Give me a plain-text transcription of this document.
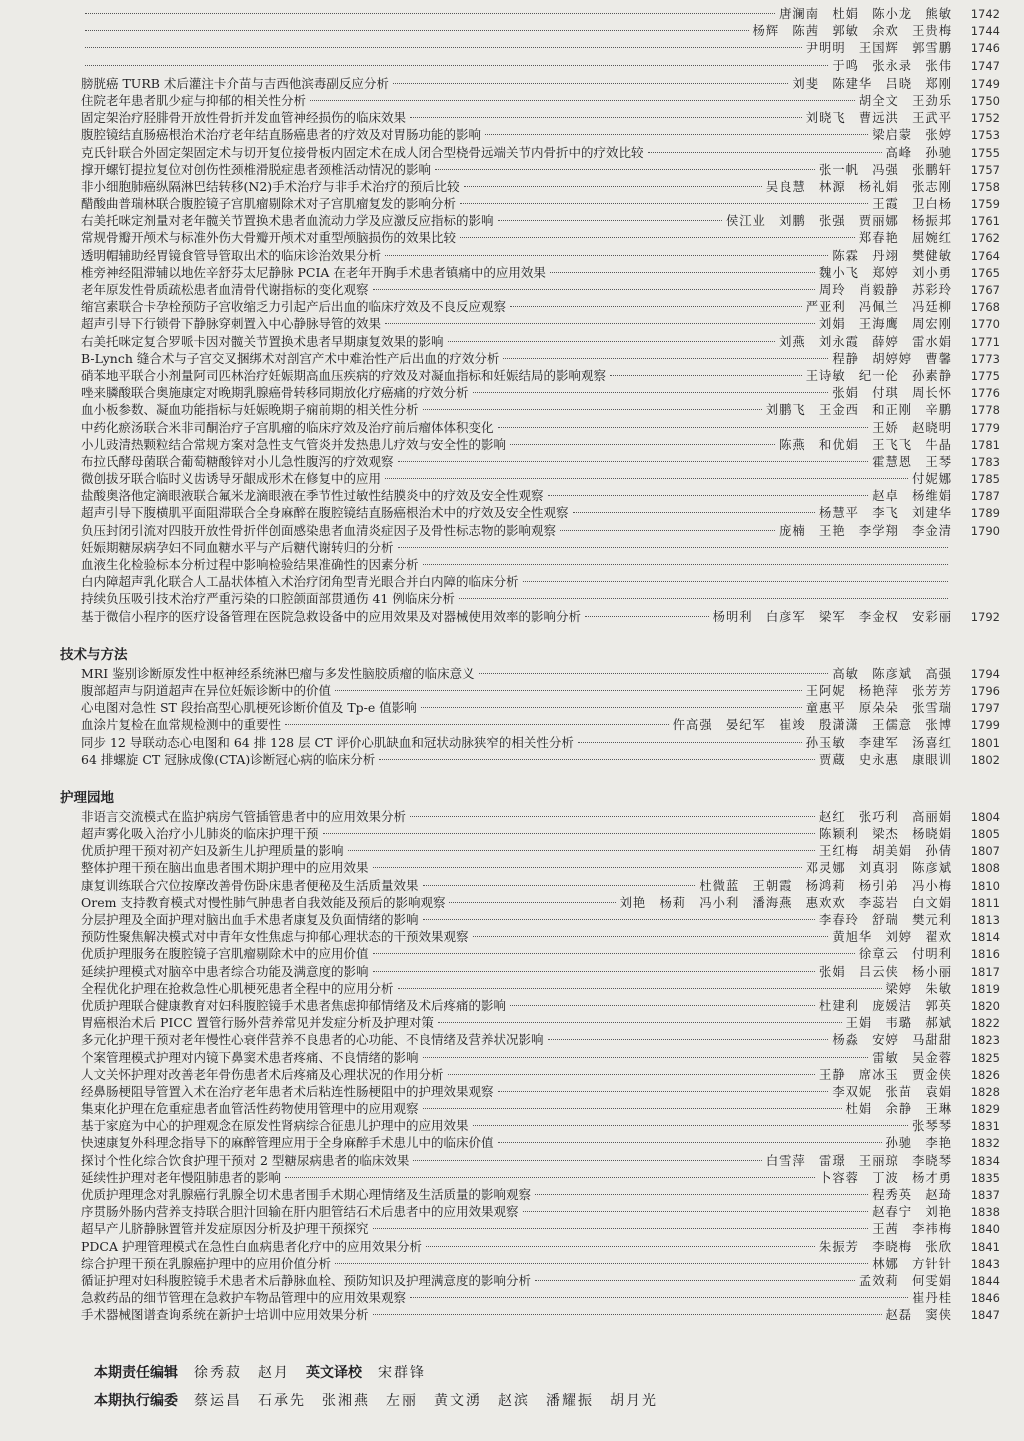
唐澜南　杜娟　陈小龙　熊敏	1742
杨辉　陈茜　郭敏　余欢　王贵梅	1744
尹明明　王国辉　郭雪鹏	1746
于鸣　张永录　张伟	1747
膀胱癌 TURB 术后灌注卡介苗与吉西他滨毒副反应分析	刘斐　陈建华　吕晓　郑刚	1749
住院老年患者肌少症与抑郁的相关性分析	胡全文　王劲乐	1750
固定架治疗胫腓骨开放性骨折并发血管神经损伤的临床效果	刘晓飞　曹远洪　王武平	1752
腹腔镜结直肠癌根治术治疗老年结直肠癌患者的疗效及对胃肠功能的影响	梁启蒙　张婷	1753
克氏针联合外固定架固定术与切开复位接骨板内固定术在成人闭合型桡骨远端关节内骨折中的疗效比较	高峰　孙驰	1755
撑开螺钉提拉复位对创伤性颈椎滑脱症患者颈椎活动情况的影响	张一帆　冯强　张鹏轩	1757
非小细胞肺癌纵隔淋巴结转移(N2)手术治疗与非手术治疗的预后比较	吴良慧　林源　杨礼娟　张志刚	1758
醋酸曲普瑞林联合腹腔镜子宫肌瘤剔除术对子宫肌瘤复发的影响分析	王霞　卫白杨	1759
右美托咪定剂量对老年髋关节置换术患者血流动力学及应激反应指标的影响	侯江业　刘鹏　张强　贾丽娜　杨振邦	1761
常规骨瓣开颅术与标准外伤大骨瓣开颅术对重型颅脑损伤的效果比较	郑春艳　屈婉红	1762
透明帽辅助经胃镜食管导管取出术的临床诊治效果分析	陈霖　丹翊　樊健敏	1764
椎旁神经阻滞辅以地佐辛舒芬太尼静脉 PCIA 在老年开胸手术患者镇痛中的应用效果	魏小飞　郑婷　刘小勇	1765
老年原发性骨质疏松患者血清骨代谢指标的变化观察	周玲　肖毅静　苏彩玲	1767
缩宫素联合卡孕栓预防子宫收缩乏力引起产后出血的临床疗效及不良反应观察	严亚利　冯佩兰　冯廷柳	1768
超声引导下行锁骨下静脉穿刺置入中心静脉导管的效果	刘娟　王海鹰　周宏刚	1770
右美托咪定复合罗哌卡因对髋关节置换术患者早期康复效果的影响	刘燕　刘永霞　薛婷　雷水娟	1771
B-Lynch 缝合术与子宫交叉捆绑术对剖宫产术中难治性产后出血的疗效分析	程静　胡婷婷　曹馨	1773
硝苯地平联合小剂量阿司匹林治疗妊娠期高血压疾病的疗效及对凝血指标和妊娠结局的影响观察	王诗敏　纪一伦　孙素静	1775
唑来膦酸联合奥施康定对晚期乳腺癌骨转移同期放化疗癌痛的疗效分析	张娟　付琪　周长怀	1776
血小板参数、凝血功能指标与妊娠晚期子痫前期的相关性分析	刘鹏飞　王金西　和正刚　辛鹏	1778
中药化瘀汤联合米非司酮治疗子宫肌瘤的临床疗效及治疗前后瘤体体积变化	王娇　赵晓明	1779
小儿豉清热颗粒结合常规方案对急性支气管炎并发热患儿疗效与安全性的影响	陈燕　和优娟　王飞飞　牛晶	1781
布拉氏酵母菌联合葡萄糖酸锌对小儿急性腹泻的疗效观察	霍慧恩　王琴	1783
微创拔牙联合临时义齿诱导牙龈成形术在修复中的应用	付妮娜	1785
盐酸奥洛他定滴眼液联合氟米龙滴眼液在季节性过敏性结膜炎中的疗效及安全性观察	赵卓　杨维娟	1787
超声引导下腹横肌平面阻滞联合全身麻醉在腹腔镜结直肠癌根治术中的疗效及安全性观察	杨慧平　李飞　刘建华	1789
负压封闭引流对四肢开放性骨折伴创面感染患者血清炎症因子及骨性标志物的影响观察	庞楠　王艳　李学翔　李金清	1790
妊娠期糖尿病孕妇不同血糖水平与产后糖代谢转归的分析
血液生化检验标本分析过程中影响检验结果准确性的因素分析
白内障超声乳化联合人工晶状体植入术治疗闭角型青光眼合并白内障的临床分析
持续负压吸引技术治疗严重污染的口腔颌面部贯通伤 41 例临床分析
基于微信小程序的医疗设备管理在医院急救设备中的应用效果及对器械使用效率的影响分析	杨明利　白彦军　梁军　李金权　安彩丽	1792
技术与方法
MRI 鉴别诊断原发性中枢神经系统淋巴瘤与多发性脑胶质瘤的临床意义	高敏　陈彦斌　高强	1794
腹部超声与阴道超声在异位妊娠诊断中的价值	王阿妮　杨艳萍　张芳芳	1796
心电图对急性 ST 段抬高型心肌梗死诊断价值及 Tp-e 值影响	童惠平　原朵朵　张雪瑞	1797
血涂片复检在血常规检测中的重要性	仵高强　晏纪军　崔竣　殷潇潇　王儒意　张博	1799
同步 12 导联动态心电图和 64 排 128 层 CT 评价心肌缺血和冠状动脉狭窄的相关性分析	孙玉敏　李建军　汤喜红	1801
64 排螺旋 CT 冠脉成像(CTA)诊断冠心病的临床分析	贾蔵　史永惠　康眼训	1802
护理园地
非语言交流模式在监护病房气管插管患者中的应用效果分析	赵红　张巧利　高丽娟	1804
超声雾化吸入治疗小儿肺炎的临床护理干预	陈颖利　梁杰　杨晓娟	1805
优质护理干预对初产妇及新生儿护理质量的影响	王红梅　胡美娟　孙倩	1807
整体护理干预在脑出血患者围术期护理中的应用效果	邓灵娜　刘真羽　陈彦斌	1808
康复训练联合穴位按摩改善骨伤卧床患者便秘及生活质量效果	杜微蓝　王朝霞　杨鸿莉　杨引弟　冯小梅	1810
Orem 支持教育模式对慢性肺气肿患者自我效能及预后的影响观察	刘艳　杨莉　冯小利　潘海燕　惠欢欢　李蕊岩　白文娟	1811
分层护理及全面护理对脑出血手术患者康复及负面情绪的影响	李春玲　舒瑞　樊元利	1813
预防性聚焦解决模式对中青年女性焦虑与抑郁心理状态的干预效果观察	黄旭华　刘婷　翟欢	1814
优质护理服务在腹腔镜子宫肌瘤剔除术中的应用价值	徐章云　付明利	1816
延续护理模式对脑卒中患者综合功能及满意度的影响	张娟　吕云侠　杨小丽	1817
全程优化护理在抢救急性心肌梗死患者全程中的应用分析	梁婷　朱敏	1819
优质护理联合健康教育对妇科腹腔镜手术患者焦虑抑郁情绪及术后疼痛的影响	杜建利　庞媛洁　郭英	1820
胃癌根治术后 PICC 置管行肠外营养常见并发症分析及护理对策	王娟　韦璐　郝斌	1822
多元化护理干预对老年慢性心衰伴营养不良患者的心功能、不良情绪及营养状况影响	杨淼　安婷　马甜甜	1823
个案管理模式护理对内镜下鼻窦术患者疼痛、不良情绪的影响	雷敏　吴金蓉	1825
人文关怀护理对改善老年骨伤患者术后疼痛及心理状况的作用分析	王静　席冰玉　贾金侠	1826
经鼻肠梗阻导管置入术在治疗老年患者术后粘连性肠梗阻中的护理效果观察	李双妮　张苗　袁娟	1828
集束化护理在危重症患者血管活性药物使用管理中的应用观察	杜娟　余静　王琳	1829
基于家庭为中心的护理观念在原发性肾病综合征患儿护理中的应用效果	张琴琴	1831
快速康复外科理念指导下的麻醉管理应用于全身麻醉手术患儿中的临床价值	孙驰　李艳	1832
探讨个性化综合饮食护理干预对 2 型糖尿病患者的临床效果	白雪萍　雷璟　王丽琼　李晓琴	1834
延续性护理对老年慢阻肺患者的影响	卜容蓉　丁波　杨才勇	1835
优质护理理念对乳腺癌行乳腺全切术患者围手术期心理情绪及生活质量的影响观察	程秀英　赵琦	1837
序贯肠外肠内营养支持联合胆汁回输在肝内胆管结石术后患者中的应用效果观察	赵春宁　刘艳	1838
超早产儿脐静脉置管并发症原因分析及护理干预探究	王茜　李祎梅	1840
PDCA 护理管理模式在急性白血病患者化疗中的应用效果分析	朱振芳　李晓梅　张欣	1841
综合护理干预在乳腺癌护理中的应用价值分析	林娜　方针针	1843
循证护理对妇科腹腔镜手术患者术后静脉血栓、预防知识及护理满意度的影响分析	孟效莉　何雯娟	1844
急救药品的细节管理在急救护车物品管理中的应用效果观察	崔丹桂	1846
手术器械图谱查询系统在新护士培训中应用效果分析	赵磊　窦侠	1847
本期责任编辑 徐秀菽　赵月 英文译校 宋群锋
本期执行编委 蔡运昌 石承先 张湘燕 左丽 黄文湧 赵滨 潘耀振 胡月光
